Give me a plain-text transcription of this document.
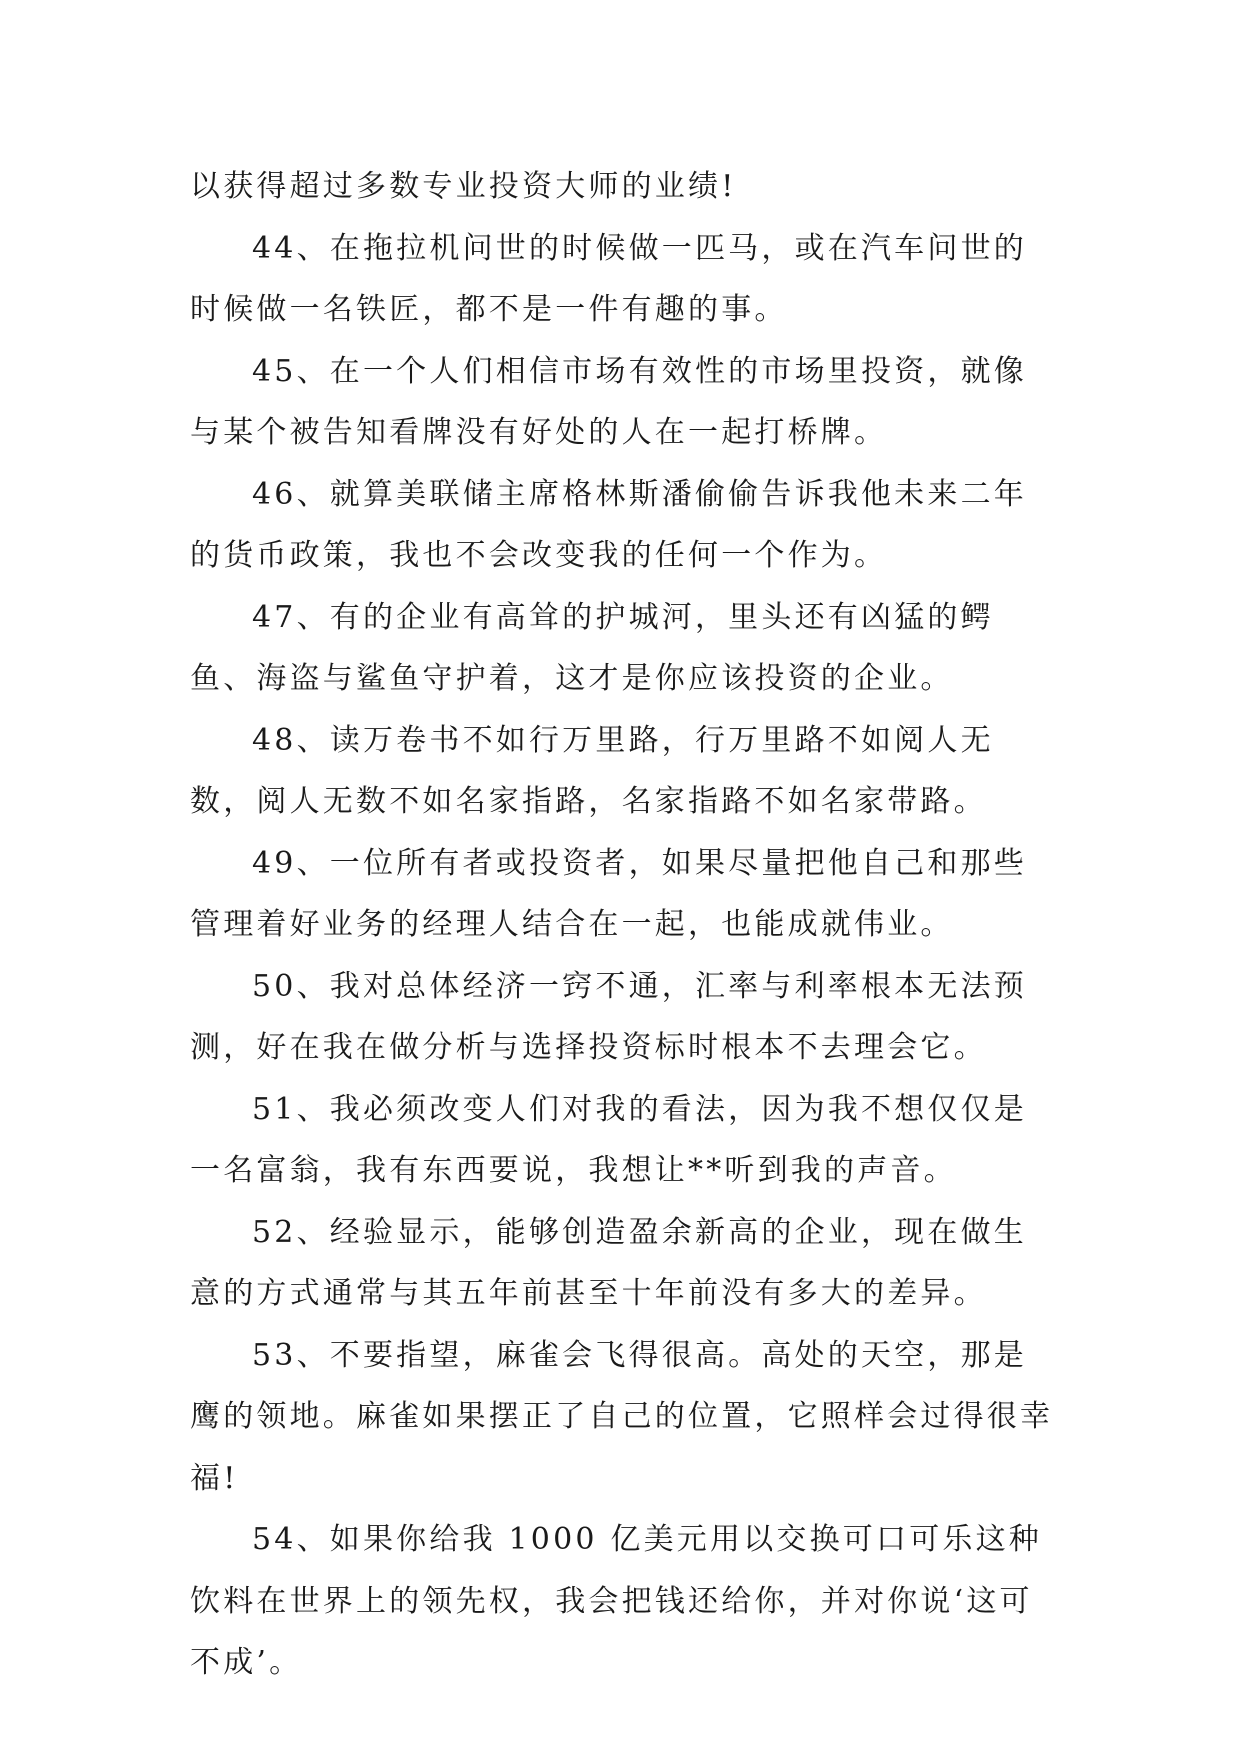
以获得超过多数专业投资大师的业绩!

44、在拖拉机问世的时候做一匹马，或在汽车问世的时候做一名铁匠，都不是一件有趣的事。

45、在一个人们相信市场有效性的市场里投资，就像与某个被告知看牌没有好处的人在一起打桥牌。

46、就算美联储主席格林斯潘偷偷告诉我他未来二年的货币政策，我也不会改变我的任何一个作为。

47、有的企业有高耸的护城河，里头还有凶猛的鳄鱼、海盗与鲨鱼守护着，这才是你应该投资的企业。

48、读万卷书不如行万里路，行万里路不如阅人无数，阅人无数不如名家指路，名家指路不如名家带路。

49、一位所有者或投资者，如果尽量把他自己和那些管理着好业务的经理人结合在一起，也能成就伟业。

50、我对总体经济一窍不通，汇率与利率根本无法预测，好在我在做分析与选择投资标时根本不去理会它。

51、我必须改变人们对我的看法，因为我不想仅仅是一名富翁，我有东西要说，我想让**听到我的声音。

52、经验显示，能够创造盈余新高的企业，现在做生意的方式通常与其五年前甚至十年前没有多大的差异。

53、不要指望，麻雀会飞得很高。高处的天空，那是鹰的领地。麻雀如果摆正了自己的位置，它照样会过得很幸福!

54、如果你给我 1000 亿美元用以交换可口可乐这种饮料在世界上的领先权，我会把钱还给你，并对你说‘这可不成’。
